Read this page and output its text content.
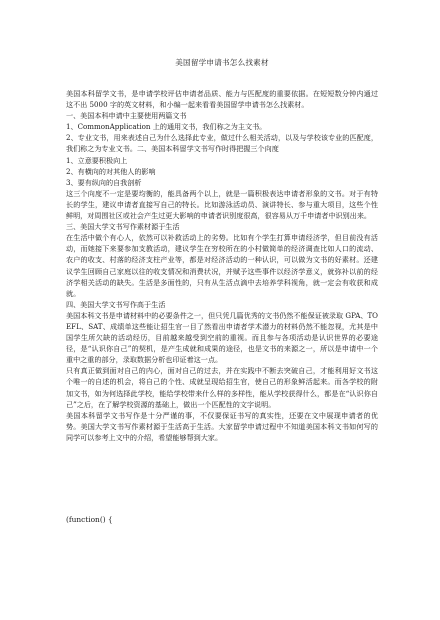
美国留学申请书怎么找素材

美国本科留学文书，是申请学校评估申请者品质、能力与匹配度的重要依据。在短短数分钟内通过这不出 5000 字的英文材料，和小编一起来看看美国留学申请书怎么找素材。

一、美国本科申请中主要使用两篇文书

1、CommonApplication 上的通用文书，我们称之为主文书。

2、专业文书，用来表述自己为什么选择此专业，做过什么相关活动，以及与学校该专业的匹配度，我们称之为专业文书。二、美国本科留学文书写作时得把握三个向度

1、立意要积极向上

2、有横向的对其他人的影响

3、要有纵向的自我剖析

这三个向度不一定是要均衡的，能具备两个以上，就是一篇积极表达申请者形象的文书。对于有特长的学生，建议申请者直接写自己的特长。比如游泳活动员、演讲特长、参与重大项目，这些个性鲜明，对周围社区或社会产生过更大影响的申请者识别度很高，很容易从万千申请者中识别出来。

三、美国大学文书写作素材源于生活

在生活中做个有心人，依然可以补救活动上的劣势。比如有个学生打算申请经济学，但目前没有活动，而她接下来要参加支教活动，建议学生在穷校所在的小村做简单的经济调查比如人口的流动、农户的收支、村落的经济支柱产业等，都是对经济活动的一种认识，可以做为文书的好素材。还建议学生回顾自己家庭以往的收支情况和消费状况，并赋予这些事件以经济学意义，就弥补以前的经济学相关活动的缺失。生活是多面性的，只有从生活点滴中去培养学科视角，就一定会有收获和成就。

四、美国大学文书写作高于生活

美国本科文书是申请材料中的必要条件之一，但只凭几篇优秀的文书仍然不能保证被录取 GPA、TOEFL、SAT、成绩单这些能让招生官一目了然看出申请者学术潜力的材料仍然不能忽视，尤其是中国学生所欠缺的活动经历，目前越来越受到空前的重视。而且参与各项活动是认识世界的必要途径，是“认识你自己”的契机，是产生成就和成果的途径，也是文书的来源之一，所以是申请中一个重中之重的部分，录取数据分析也印证着这一点。

只有真正做到面对自己的内心，面对自己的过去，并在实践中不断去突破自己，才能利用好文书这个唯一的自述的机会，将自己的个性、成就呈现给招生官，使自己的形象鲜活起来。而各学校的附加文书，如为何选择此学校，能给学校带来什么样的多样性，能从学校获得什么，都是在“认识你自己”之后，在了解学校资源的基础上，做出一个匹配性的文字说明。

美国本科留学文书写作是十分严谨的事，不仅要保证书写的真实性，还要在文中展现申请者的优势。美国大学文书写作素材源于生活高于生活。大家留学申请过程中不知道美国本科文书如何写的同学可以参考上文中的介绍，希望能够帮到大家。

(function() {
